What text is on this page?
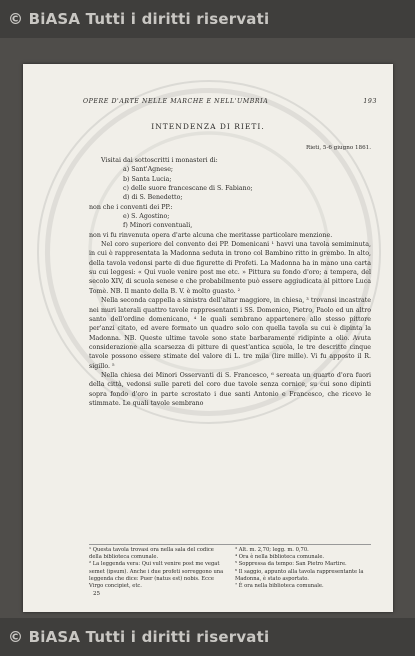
© BiASA Tutti i diritti riservati
OPERE D'ARTE NELLE MARCHE E NELL'UMBRIA	193
INTENDENZA DI RIETI.
Rieti, 5-6 giugno 1861.

Visitai dai sottoscritti i monasteri di:

a) Sant'Agnese;

b) Santa Lucia;

c) delle suore francescane di S. Fabiano;

d) di S. Benedetto;

non che i conventi dei PP.:

e) S. Agostino;

f) Minori conventuali,

non vi fu rinvenuta opera d'arte alcuna che meritasse particolare menzione.

Nel coro superiore del convento dei PP. Domenicani ¹ havvi una tavola semiminuta, in cui è rappresentata la Madonna seduta in trono col Bambino ritto in grembo. In alto, della tavola vedonsi parte di due figurette di Profeti. La Madonna ha in mano una carta su cui leggesi: « Qui vuole venire post me etc. » Pittura su fondo d'oro; a tempera, del secolo XIV, di scuola senese e che probabilmente può essere aggiudicata al pittore Luca Tomè. NB. Il manto della B. V. è molto guasto. ²

Nella seconda cappella a sinistra dell'altar maggiore, in chiesa, ³ trovansi incastrate nei muri laterali quattro tavole rappresentanti i SS. Domenico, Pietro, Paolo ed un altro santo dell'ordine domenicano, ⁴ le quali sembrano appartenere allo stesso pittore per'anzi citato, ed avere formato un quadro solo con quella tavola su cui è dipinta la Madonna. NB. Queste ultime tavole sono state barbaramente ridipinte a olio. Avuta considerazione alla scarsezza di pitture di quest'antica scuola, le tre descritte cinque tavole possono essere stimate del valore di L. tre mila (lire mille). Vi fu apposto il R. sigillo. ⁵

Nella chiesa dei Minori Osservanti di S. Francesco, ⁶ sereata un quarto d'ora fuori della città, vedonsi sulle pareti del coro due tavole senza cornice, su cui sono dipinti sopra fondo d'oro in parte scrostato i due santi Antonio e Francesco, che ricevo le stimmate. Le quali tavole sembrano

¹ Questa tavola trovasi ora nella sala del codice della biblioteca comunale.
² La leggenda vera: Qui vult venire post me vegat semet (ipsum). Anche i due profeti sorreggono una leggenda che dice: Puer (natus est) nobis. Ecce Virgo concipiet, etc.
³ Alt. m. 2,70; legg. m. 0,70.
⁴ Ora è nella biblioteca comunale.
⁵ Soppressa da tempo: San Pietro Martire.
⁶ Il saggio, appunto alla tavola rappresentante la Madonna, è stato asportato.
⁷ È ora nella biblioteca comunale.
25
© BiASA Tutti i diritti riservati
